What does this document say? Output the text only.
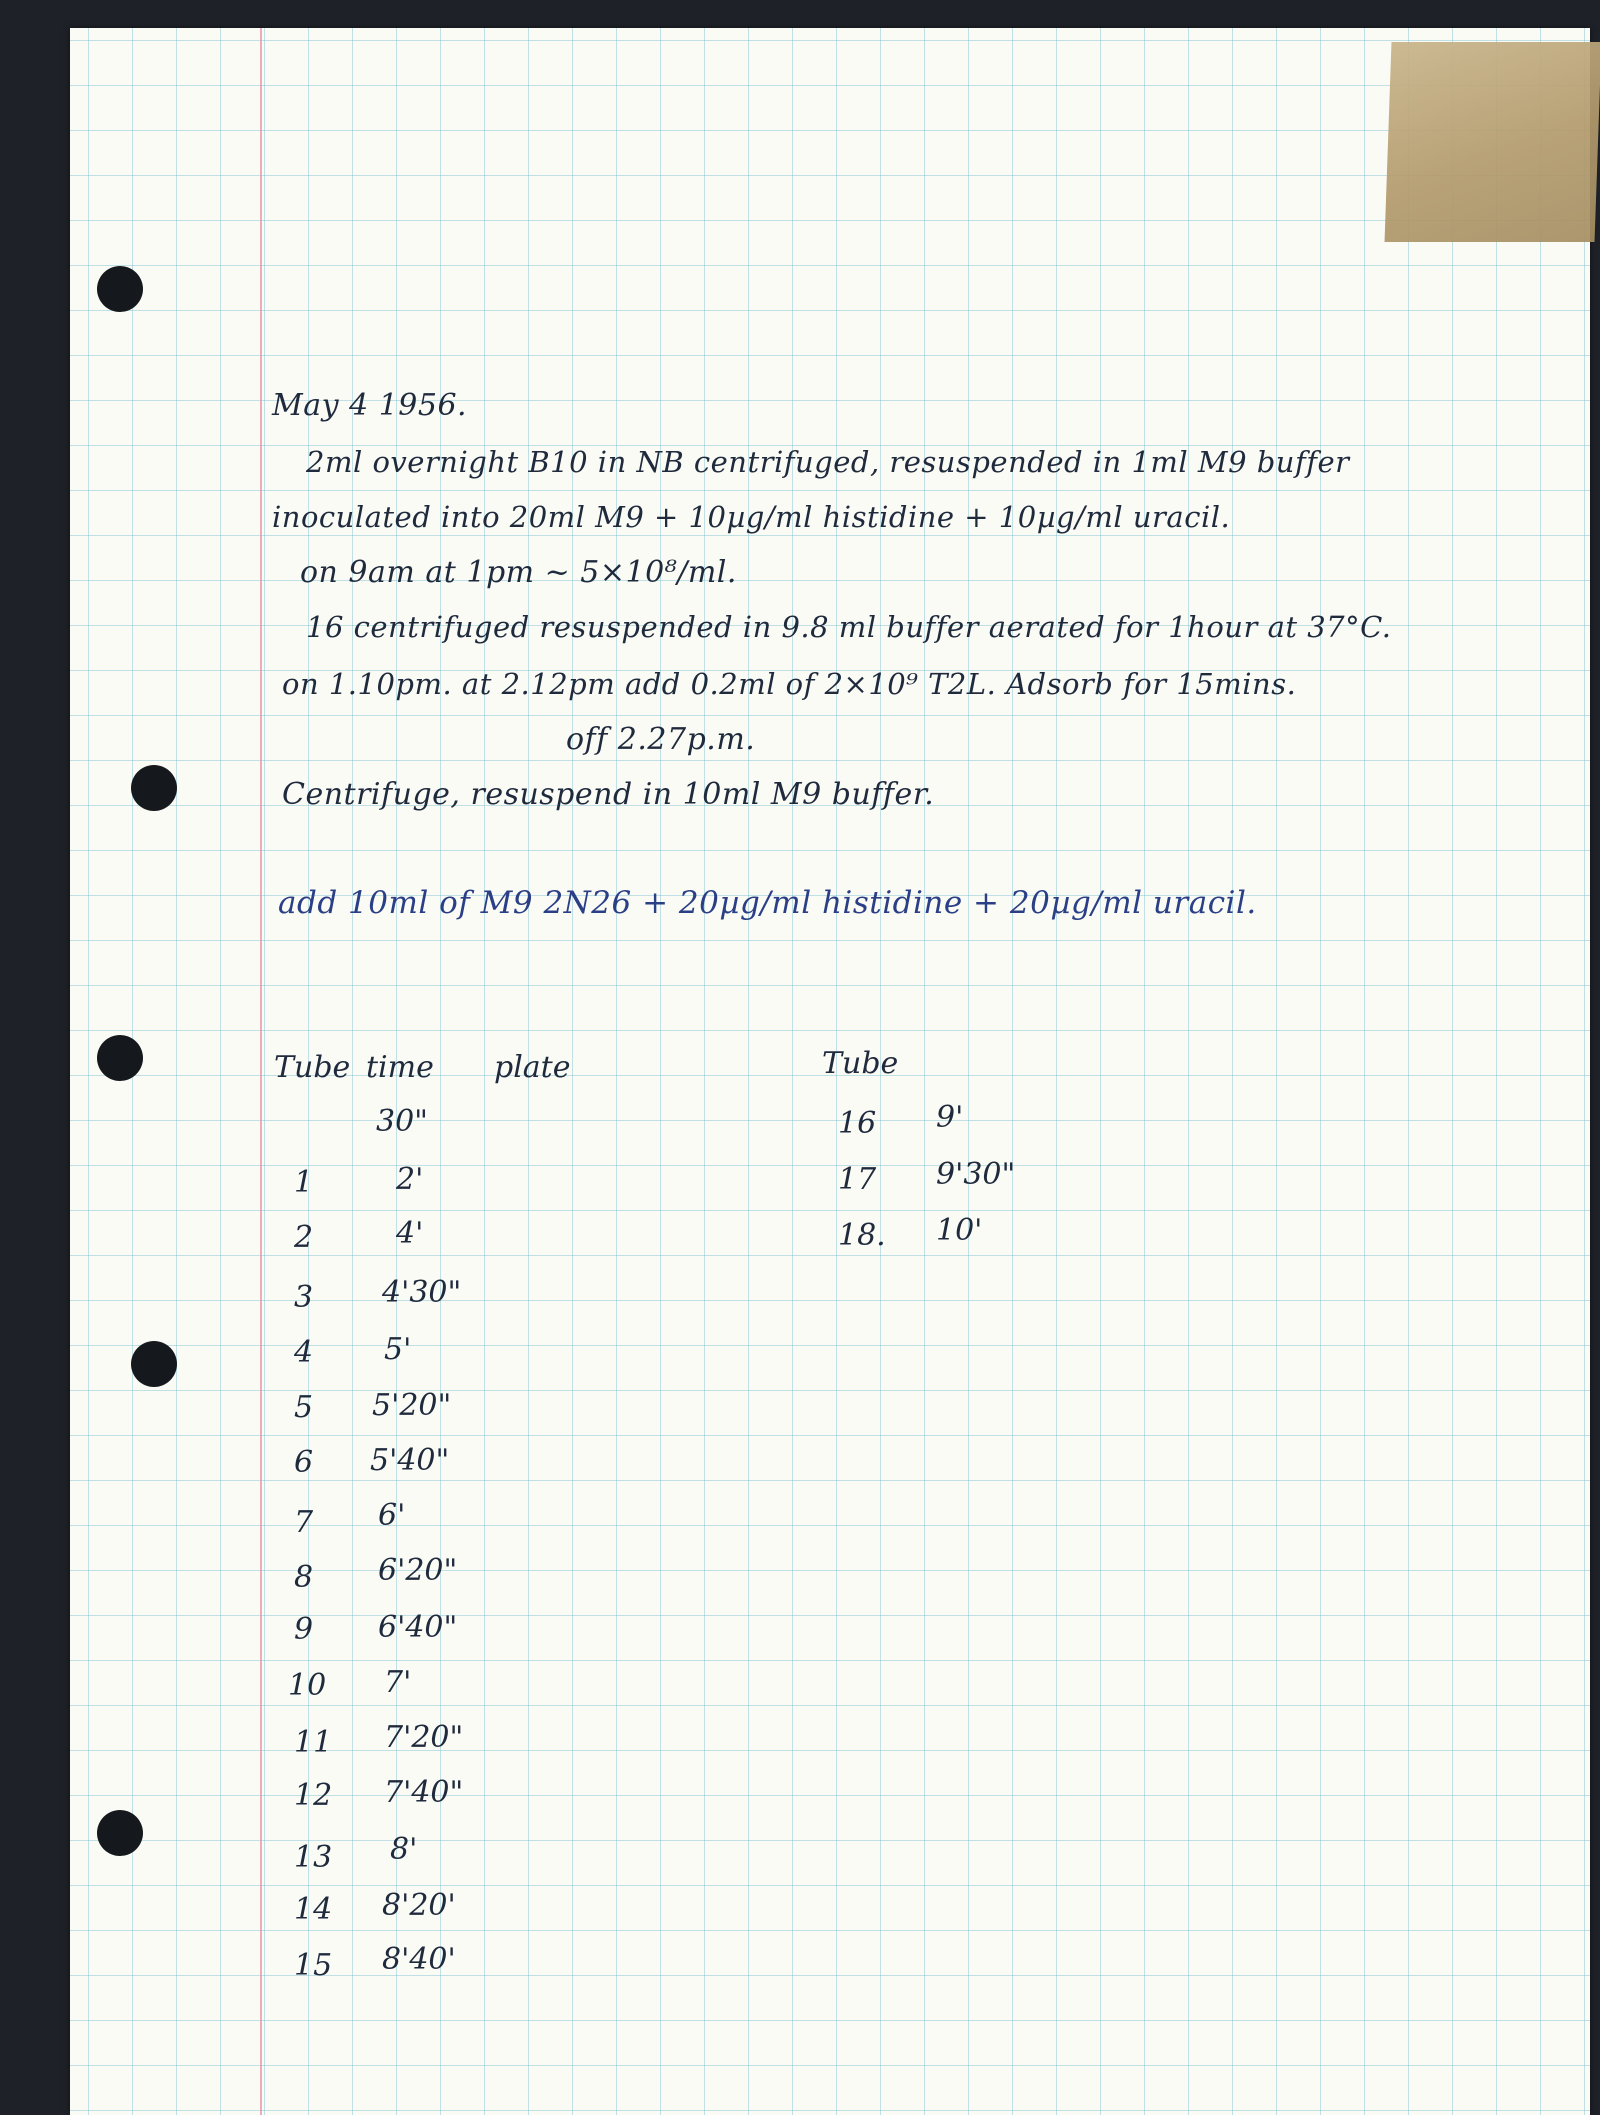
May 4 1956.
2ml overnight B10 in NB centrifuged, resuspended in 1ml M9 buffer
inoculated into 20ml M9 + 10µg/ml histidine + 10µg/ml uracil.
on 9am at 1pm ~ 5×10⁸/ml.
16 centrifuged resuspended in 9.8 ml buffer aerated for 1hour at 37°C.
on 1.10pm. at 2.12pm add 0.2ml of 2×10⁹ T2L. Adsorb for 15mins.
off 2.27p.m.
Centrifuge, resuspend in 10ml M9 buffer.
add 10ml of M9 2N26 + 20µg/ml histidine + 20µg/ml uracil.
Tube time plate
30"
1	2'
2	4'
3 4'30"
4 5'
5 5'20"
6 5'40"
7 6'
8 6'20"
9 6'40"
10 7'
11 7'20"
12 7'40"
13 8'
14 8'20'
15 8'40'
Tube
16 9'
17 9'30"
18. 10'
